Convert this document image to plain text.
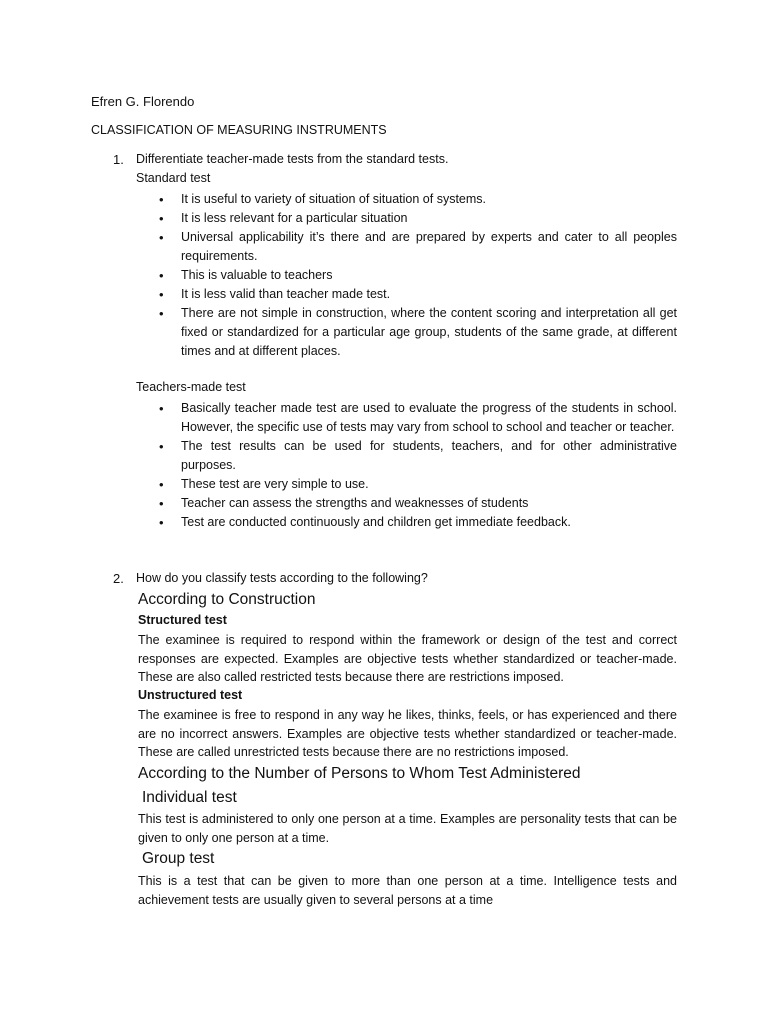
Efren G. Florendo
CLASSIFICATION OF MEASURING INSTRUMENTS
1. Differentiate teacher-made tests from the standard tests.
Standard test
• It is useful to variety of situation of situation of systems.
• It is less relevant for a particular situation
• Universal applicability it’s there and are prepared by experts and cater to all peoples requirements.
• This is valuable to teachers
• It is less valid than teacher made test.
• There are not simple in construction, where the content scoring and interpretation all get fixed or standardized for a particular age group, students of the same grade, at different times and at different places.
Teachers-made test
• Basically teacher made test are used to evaluate the progress of the students in school. However, the specific use of tests may vary from school to school and teacher or teacher.
• The test results can be used for students, teachers, and for other administrative purposes.
• These test are very simple to use.
• Teacher can assess the strengths and weaknesses of students
• Test are conducted continuously and children get immediate feedback.
2. How do you classify tests according to the following?
According to Construction
Structured test

The examinee is required to respond within the framework or design of the test and correct responses are expected. Examples are objective tests whether standardized or teacher-made. These are also called restricted tests because there are restrictions imposed.

Unstructured test

The examinee is free to respond in any way he likes, thinks, feels, or has experienced and there are no incorrect answers. Examples are objective tests whether standardized or teacher-made. These are called unrestricted tests because there are no restrictions imposed.

According to the Number of Persons to Whom Test Administered
Individual test

This test is administered to only one person at a time. Examples are personality tests that can be given to only one person at a time.

Group test

This is a test that can be given to more than one person at a time. Intelligence tests and achievement tests are usually given to several persons at a time
